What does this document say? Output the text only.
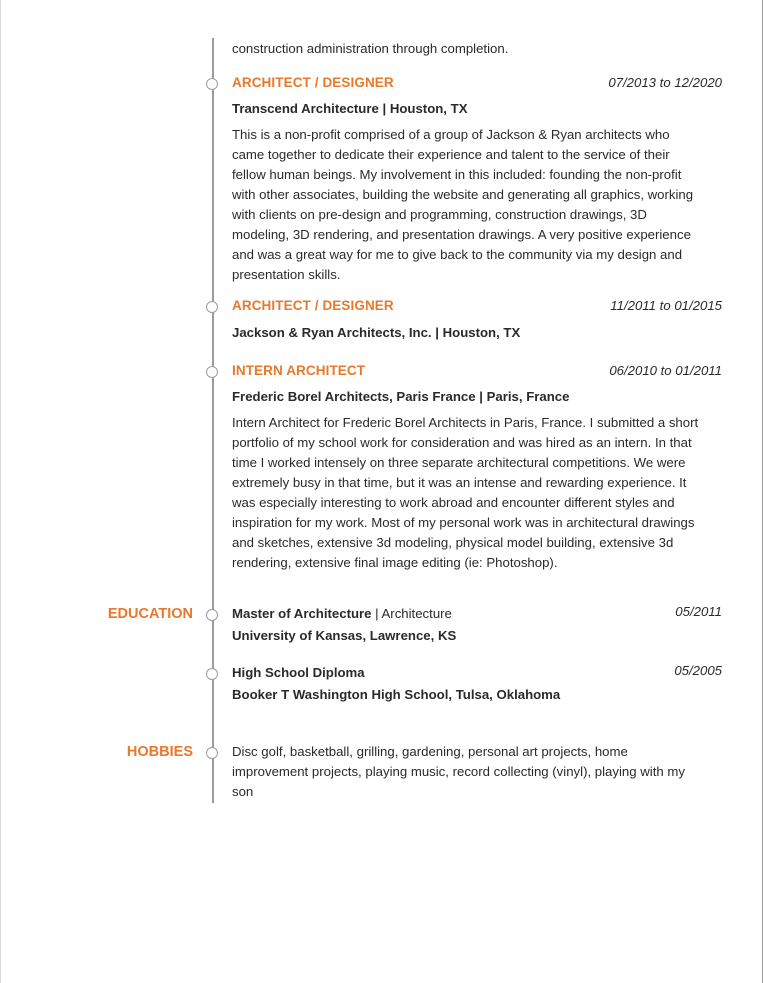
construction administration through completion.
ARCHITECT / DESIGNER	07/2013 to 12/2020
Transcend Architecture | Houston, TX
This is a non-profit comprised of a group of Jackson & Ryan architects who
came together to dedicate their experience and talent to the service of their
fellow human beings. My involvement in this included: founding the non-profit
with other associates, building the website and generating all graphics, working
with clients on pre-design and programming, construction drawings, 3D
modeling, 3D rendering, and presentation drawings. A very positive experience
and was a great way for me to give back to the community via my design and
presentation skills.
ARCHITECT / DESIGNER	11/2011 to 01/2015
Jackson & Ryan Architects, Inc. | Houston, TX
INTERN ARCHITECT	06/2010 to 01/2011
Frederic Borel Architects, Paris France | Paris, France
Intern Architect for Frederic Borel Architects in Paris, France. I submitted a short
portfolio of my school work for consideration and was hired as an intern. In that
time I worked intensely on three separate architectural competitions. We were
extremely busy in that time, but it was an intense and rewarding experience. It
was especially interesting to work abroad and encounter different styles and
inspiration for my work. Most of my personal work was in architectural drawings
and sketches, extensive 3d modeling, physical model building, extensive 3d
rendering, extensive final image editing (ie: Photoshop).
EDUCATION	Master of Architecture | Architecture	05/2011
University of Kansas, Lawrence, KS
High School Diploma	05/2005
Booker T Washington High School, Tulsa, Oklahoma
HOBBIES	Disc golf, basketball, grilling, gardening, personal art projects, home
improvement projects, playing music, record collecting (vinyl), playing with my
son
